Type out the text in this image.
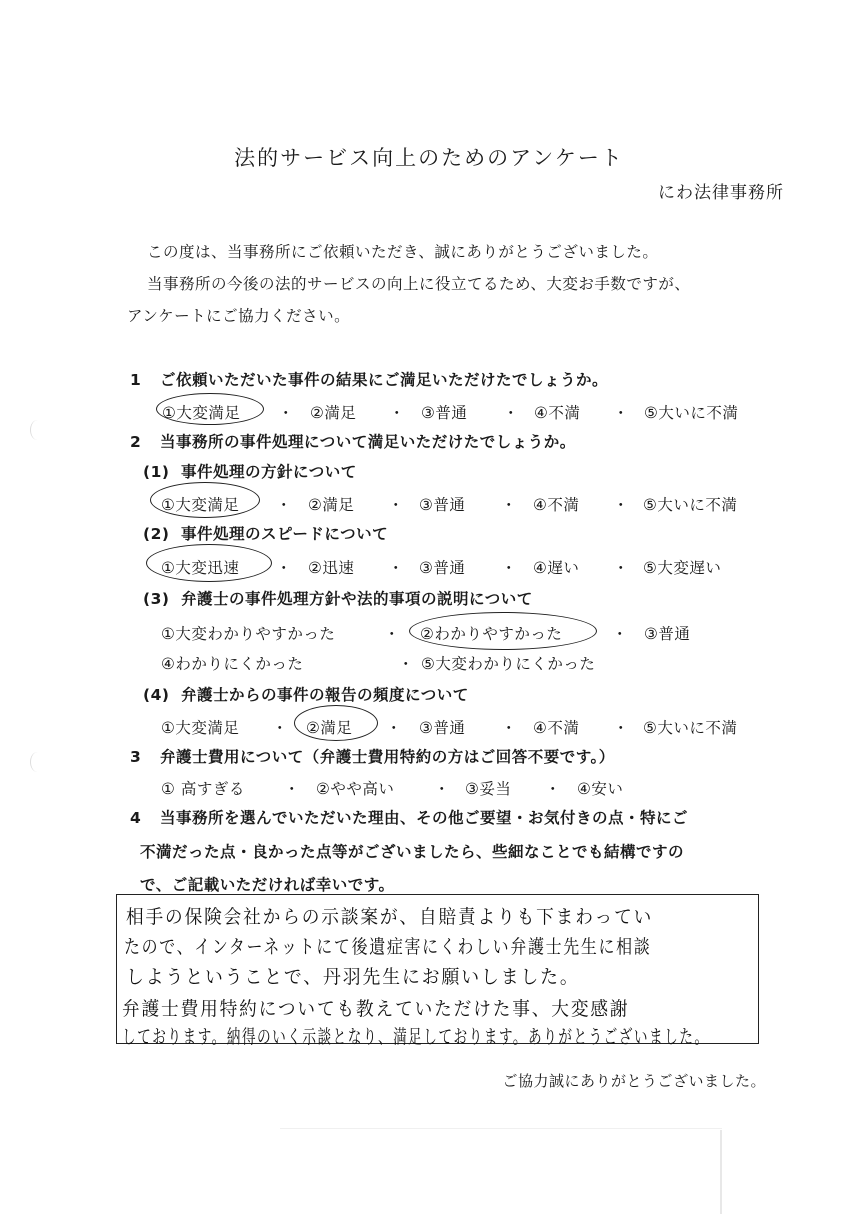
法的サービス向上のためのアンケート
にわ法律事務所
この度は、当事務所にご依頼いただき、誠にありがとうございました。
当事務所の今後の法的サービスの向上に役立てるため、大変お手数ですが、
アンケートにご協力ください。
1 ご依頼いただいた事件の結果にご満足いただけたでしょうか。
①大変満足 ・ ②満足 ・ ③普通 ・ ④不満 ・ ⑤大いに不満
2 当事務所の事件処理について満足いただけたでしょうか。
(1) 事件処理の方針について
①大変満足 ・ ②満足 ・ ③普通 ・ ④不満 ・ ⑤大いに不満
(2) 事件処理のスピードについて
①大変迅速 ・ ②迅速 ・ ③普通 ・ ④遅い ・ ⑤大変遅い
(3) 弁護士の事件処理方針や法的事項の説明について
①大変わかりやすかった	・ ②わかりやすかった	・ ③普通
④わかりにくかった	・ ⑤大変わかりにくかった
(4) 弁護士からの事件の報告の頻度について
①大変満足 ・ ②満足 ・ ③普通 ・ ④不満 ・ ⑤大いに不満
3 弁護士費用について（弁護士費用特約の方はご回答不要です。）
① 高すぎる	・ ②やや高い	・ ③妥当 ・ ④安い
4 当事務所を選んでいただいた理由、その他ご要望・お気付きの点・特にご
不満だった点・良かった点等がございましたら、些細なことでも結構ですの
で、ご記載いただければ幸いです。
相手の保険会社からの示談案が、自賠責よりも下まわってい
たので、インターネットにて後遺症害にくわしい弁護士先生に相談
しようということで、丹羽先生にお願いしました。
弁護士費用特約についても教えていただけた事、大変感謝
しております。納得のいく示談となり、満足しております。ありがとうございました。
ご協力誠にありがとうございました。
